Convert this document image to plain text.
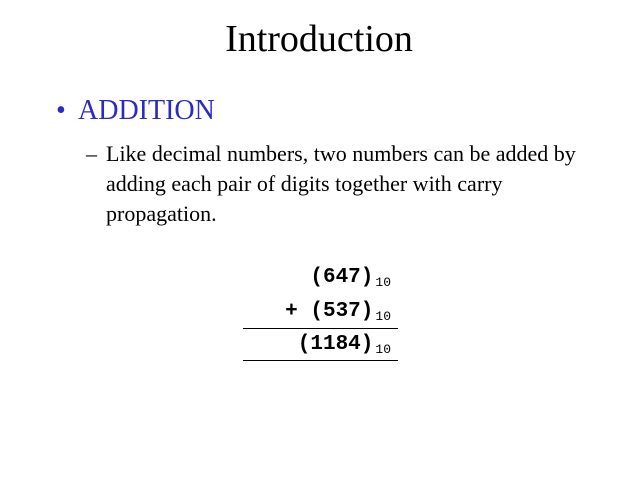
Introduction
• ADDITION
– Like decimal numbers, two numbers can be added by adding each pair of digits together with carry propagation.
(647) $_{10}$
+ (537) $_{10}$
(1184) $_{10}$
